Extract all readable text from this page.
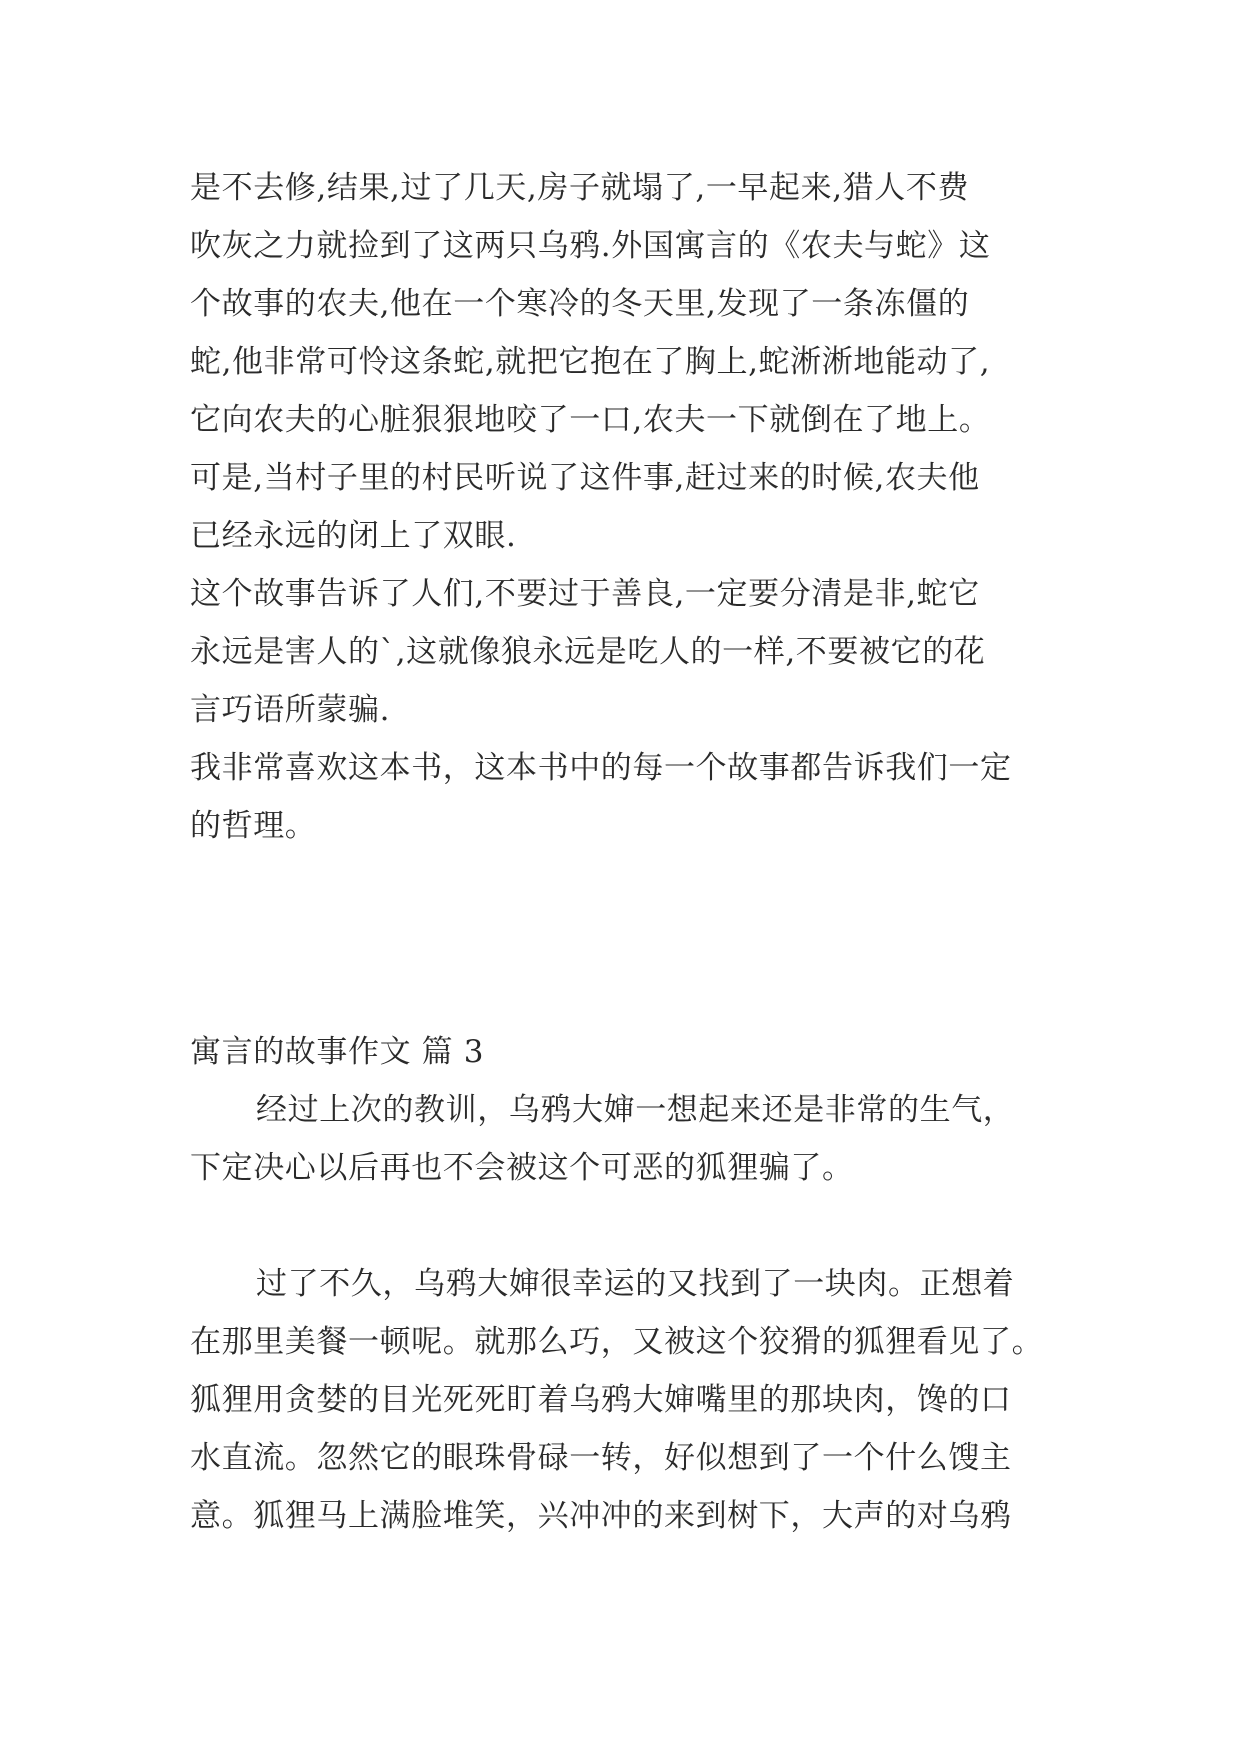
是不去修,结果,过了几天,房子就塌了,一早起来,猎人不费
吹灰之力就捡到了这两只乌鸦.外国寓言的《农夫与蛇》这
个故事的农夫,他在一个寒冷的冬天里,发现了一条冻僵的
蛇,他非常可怜这条蛇,就把它抱在了胸上,蛇淅淅地能动了,
它向农夫的心脏狠狠地咬了一口,农夫一下就倒在了地上。
可是,当村子里的村民听说了这件事,赶过来的时候,农夫他
已经永远的闭上了双眼.
这个故事告诉了人们,不要过于善良,一定要分清是非,蛇它
永远是害人的`,这就像狼永远是吃人的一样,不要被它的花
言巧语所蒙骗.
我非常喜欢这本书，这本书中的每一个故事都告诉我们一定
的哲理。
寓言的故事作文 篇 3
经过上次的教训，乌鸦大婶一想起来还是非常的生气，
下定决心以后再也不会被这个可恶的狐狸骗了。
过了不久，乌鸦大婶很幸运的又找到了一块肉。正想着
在那里美餐一顿呢。就那么巧，又被这个狡猾的狐狸看见了。
狐狸用贪婪的目光死死盯着乌鸦大婶嘴里的那块肉，馋的口
水直流。忽然它的眼珠骨碌一转，好似想到了一个什么馊主
意。狐狸马上满脸堆笑，兴冲冲的来到树下，大声的对乌鸦
